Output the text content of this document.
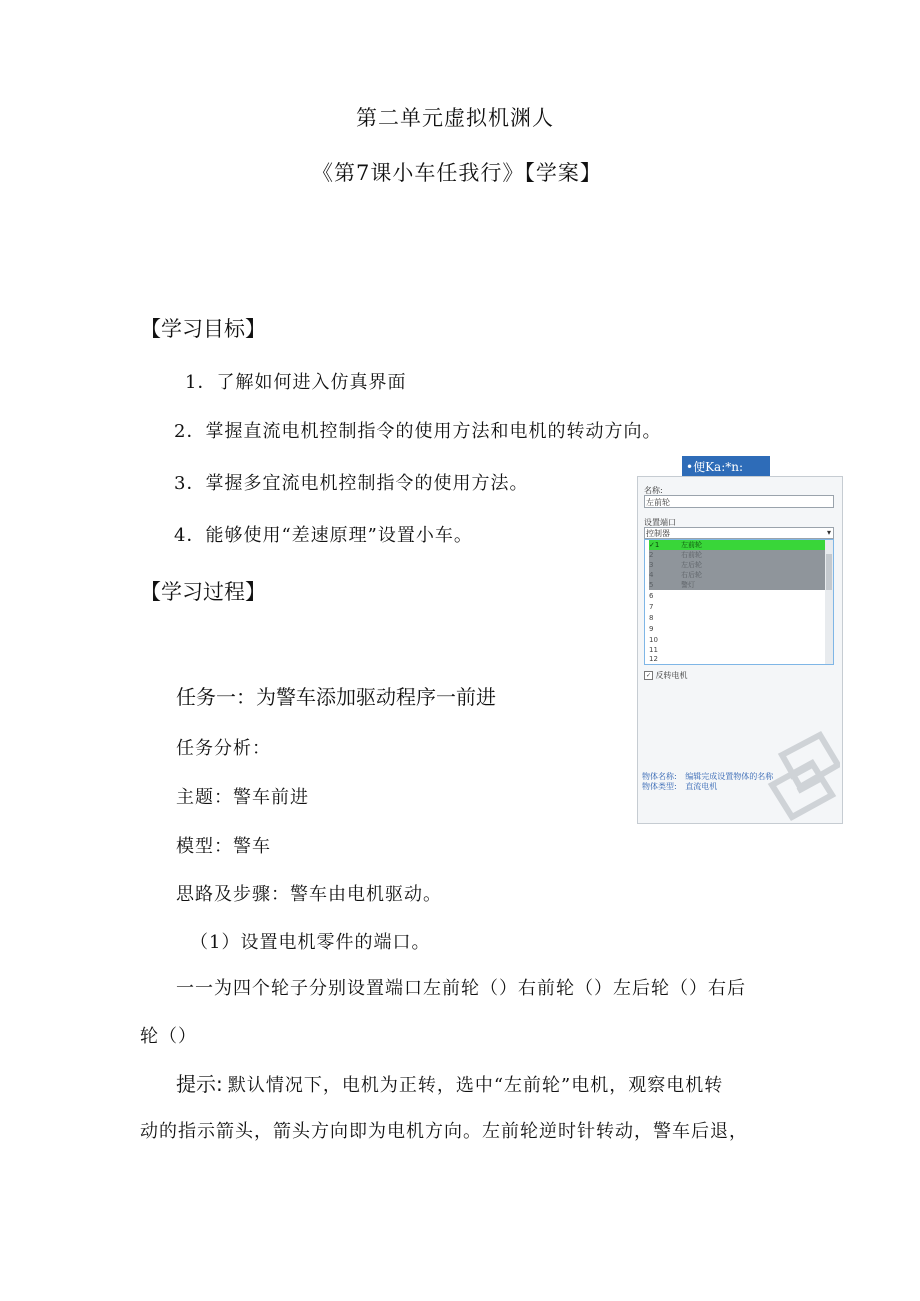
第二单元虚拟机渊人
《第7课小车任我行》【学案】
【学习目标】
1．了解如何进入仿真界面
2．掌握直流电机控制指令的使用方法和电机的转动方向。
3．掌握多宜流电机控制指令的使用方法。
4．能够使用“差速原理”设置小车。
【学习过程】
任务一：为警车添加驱动程序一前进
任务分析：
主题：警车前进
模型：警车
思路及步骤：警车由电机驱动。
（1）设置电机零件的端口。
一一为四个轮子分别设置端口左前轮（）右前轮（）左后轮（）右后
轮（）
提示: 默认情况下，电机为正转，选中“左前轮”电机，观察电机转
动的指示箭头，箭头方向即为电机方向。左前轮逆时针转动，警车后退，
•便Ka:*n:
名称:
左前轮
设置端口
控制器	▾
✓1	左前轮
2	右前轮
3	左后轮
4	右后轮
5	警灯
6
7
8
9
10
11
12
✓ 反转电机
物体名称: 编辑完成设置物体的名称
物体类型: 直流电机
